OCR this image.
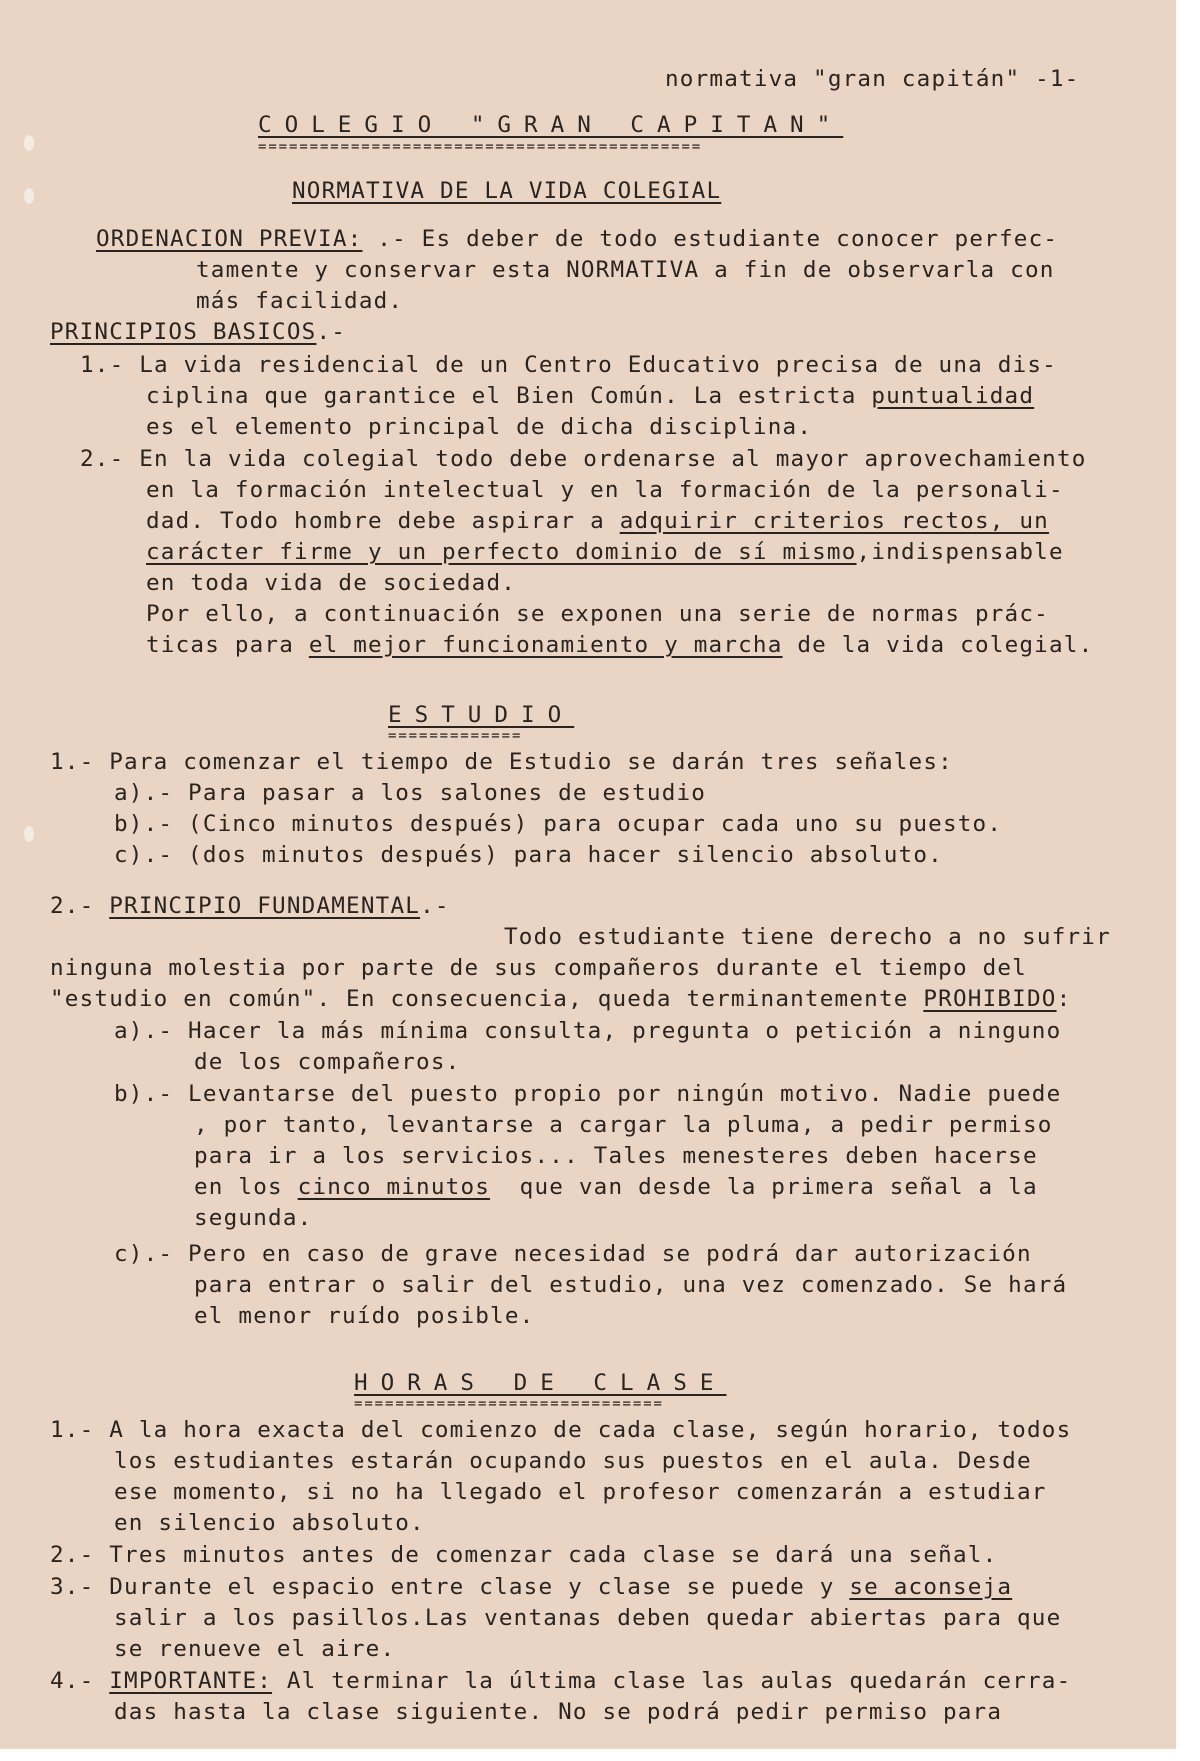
normativa "gran capitán" -1-

COLEGIO "GRAN CAPITAN"

===========================================

NORMATIVA DE LA VIDA COLEGIAL

ORDENACION PREVIA: .- Es deber de todo estudiante conocer perfec-

tamente y conservar esta NORMATIVA a fin de observarla con

más facilidad.

PRINCIPIOS BASICOS.-

1.- La vida residencial de un Centro Educativo precisa de una dis-

ciplina que garantice el Bien Común. La estricta puntualidad

es el elemento principal de dicha disciplina.

2.- En la vida colegial todo debe ordenarse al mayor aprovechamiento

en la formación intelectual y en la formación de la personali-

dad. Todo hombre debe aspirar a adquirir criterios rectos, un

carácter firme y un perfecto dominio de sí mismo,indispensable

en toda vida de sociedad.

Por ello, a continuación se exponen una serie de normas prác-

ticas para el mejor funcionamiento y marcha de la vida colegial.

ESTUDIO

=============

1.- Para comenzar el tiempo de Estudio se darán tres señales:

a).- Para pasar a los salones de estudio

b).- (Cinco minutos después) para ocupar cada uno su puesto.

c).- (dos minutos después) para hacer silencio absoluto.

2.- PRINCIPIO FUNDAMENTAL.-

Todo estudiante tiene derecho a no sufrir

ninguna molestia por parte de sus compañeros durante el tiempo del

"estudio en común". En consecuencia, queda terminantemente PROHIBIDO:

a).- Hacer la más mínima consulta, pregunta o petición a ninguno

de los compañeros.

b).- Levantarse del puesto propio por ningún motivo. Nadie puede

, por tanto, levantarse a cargar la pluma, a pedir permiso

para ir a los servicios... Tales menesteres deben hacerse

en los cinco minutos  que van desde la primera señal a la

segunda.

c).- Pero en caso de grave necesidad se podrá dar autorización

para entrar o salir del estudio, una vez comenzado. Se hará

el menor ruído posible.

HORAS DE CLASE

==============================

1.- A la hora exacta del comienzo de cada clase, según horario, todos

los estudiantes estarán ocupando sus puestos en el aula. Desde

ese momento, si no ha llegado el profesor comenzarán a estudiar

en silencio absoluto.

2.- Tres minutos antes de comenzar cada clase se dará una señal.

3.- Durante el espacio entre clase y clase se puede y se aconseja

salir a los pasillos.Las ventanas deben quedar abiertas para que

se renueve el aire.

4.- IMPORTANTE: Al terminar la última clase las aulas quedarán cerra-

das hasta la clase siguiente. No se podrá pedir permiso para
